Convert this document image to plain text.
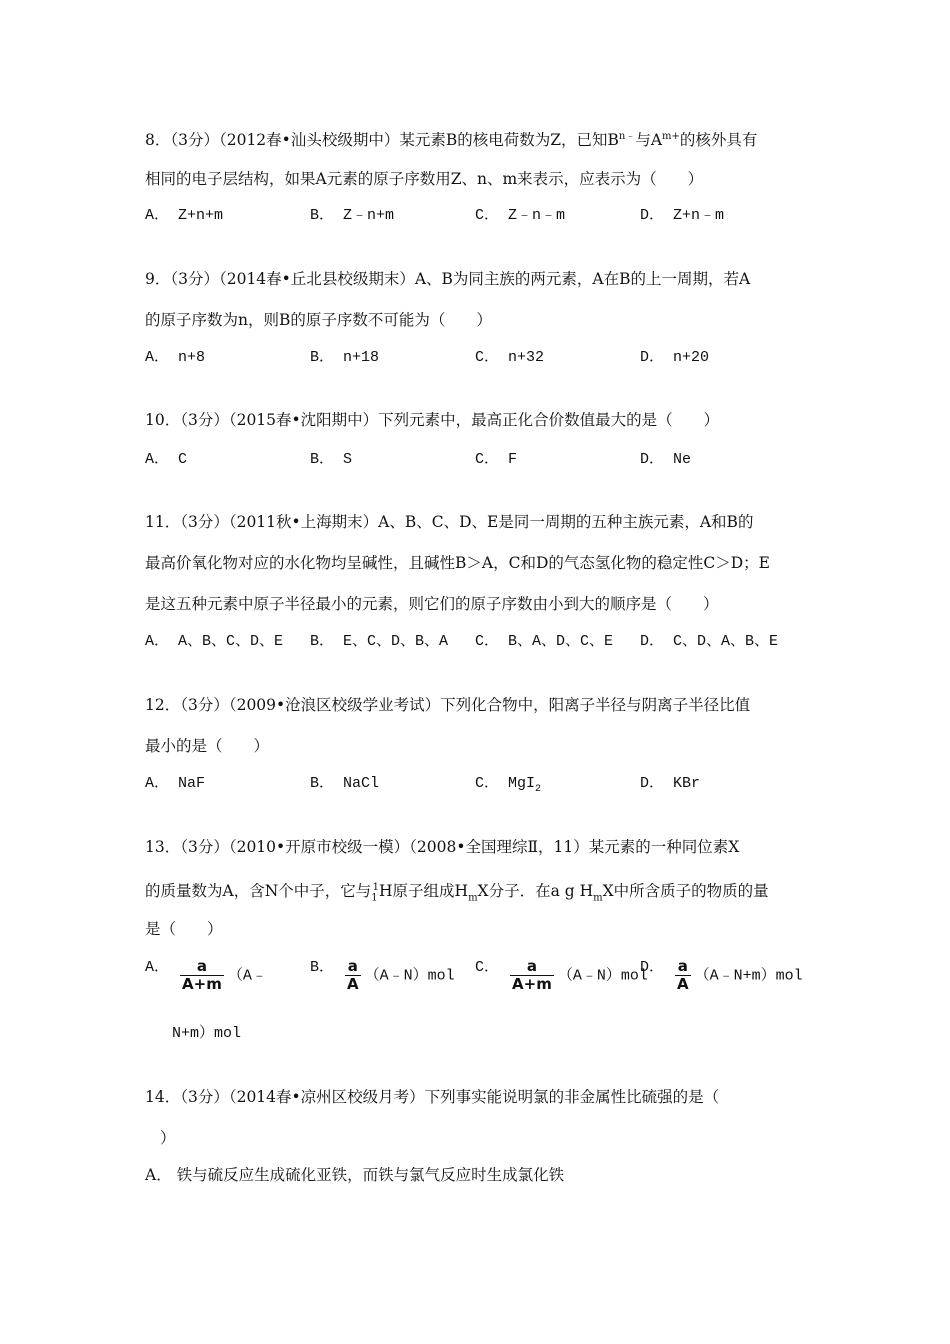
8．（3分）（2012春•汕头校级期中）某元素B的核电荷数为Z，已知$B^{n﹣}$与$A^{m+}$的核外具有
相同的电子层结构，如果A元素的原子序数用Z、n、m来表示，应表示为（　　）
A． Z+n+m	B． Z﹣n+m	C． Z﹣n﹣m	D． Z+n﹣m
9．（3分）（2014春•丘北县校级期末）A、B为同主族的两元素，A在B的上一周期，若A
的原子序数为n，则B的原子序数不可能为（　　）
A． n+8	B． n+18	C． n+32	D． n+20
10．（3分）（2015春•沈阳期中）下列元素中，最高正化合价数值最大的是（　　）
A． C	B． S	C． F	D． Ne
11．（3分）（2011秋•上海期末）A、B、C、D、E是同一周期的五种主族元素，A和B的
最高价氧化物对应的水化物均呈碱性，且碱性B＞A，C和D的气态氢化物的稳定性C＞D；E
是这五种元素中原子半径最小的元素，则它们的原子序数由小到大的顺序是（　　）
A． A、B、C、D、E B． E、C、D、B、A C． B、A、D、C、E D． C、D、A、B、E
12．（3分）（2009•沧浪区校级学业考试）下列化合物中，阳离子半径与阴离子半径比值
最小的是（　　）
A． NaF	B． NaCl	C． MgI$_2$	D． KBr
13．（3分）（2010•开原市校级一模）（2008•全国理综Ⅱ，11）某元素的一种同位素X
的质量数为A，含N个中子，它与$_1^1$H原子组成$H_mX$分子．在a g $H_mX$中所含质子的物质的量
是（　　）
A． $\frac{a}{A+m}$ （A﹣
N+m）mol
B． $\frac{a}{A}$ （A﹣N）mol C． $\frac{a}{A+m}$ （A﹣N）mol
D． $\frac{a}{A}$ （A﹣N+m）mol
14．（3分）（2014春•凉州区校级月考）下列事实能说明氯的非金属性比硫强的是（
）
A． 铁与硫反应生成硫化亚铁，而铁与氯气反应时生成氯化铁
